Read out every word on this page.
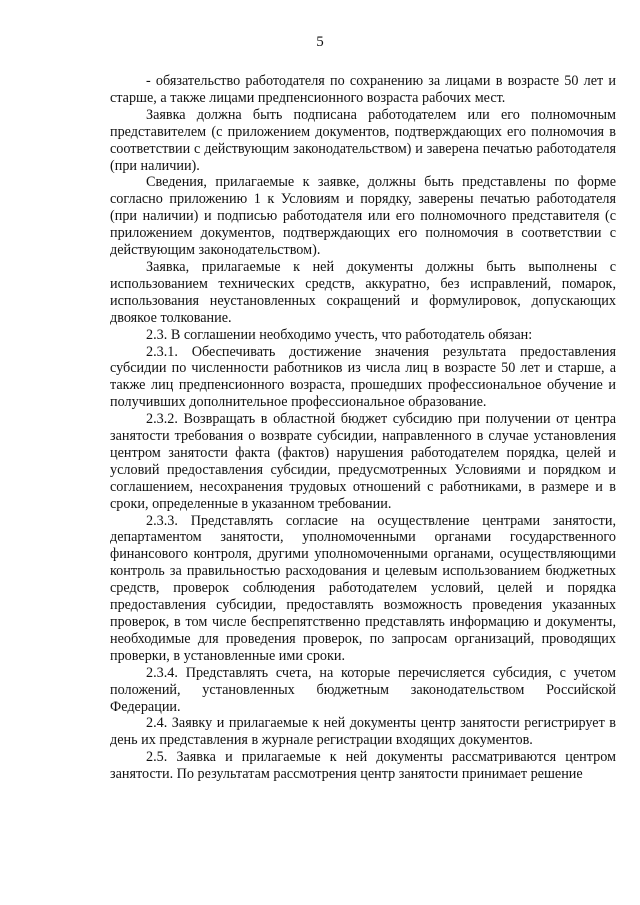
5

- обязательство работодателя по сохранению за лицами в возрасте 50 лет и старше, а также лицами предпенсионного возраста рабочих мест.

Заявка должна быть подписана работодателем или его полномочным представителем (с приложением документов, подтверждающих его полномочия в соответствии с действующим законодательством) и заверена печатью работодателя (при наличии).

Сведения, прилагаемые к заявке, должны быть представлены по форме согласно приложению 1 к Условиям и порядку, заверены печатью работодателя (при наличии) и подписью работодателя или его полномочного представителя (с приложением документов, подтверждающих его полномочия в соответствии с действующим законодательством).

Заявка, прилагаемые к ней документы должны быть выполнены с использованием технических средств, аккуратно, без исправлений, помарок, использования неустановленных сокращений и формулировок, допускающих двоякое толкование.

2.3. В соглашении необходимо учесть, что работодатель обязан:

2.3.1. Обеспечивать достижение значения результата предоставления субсидии по численности работников из числа лиц в возрасте 50 лет и старше, а также лиц предпенсионного возраста, прошедших профессиональное обучение и получивших дополнительное профессиональное образование.

2.3.2. Возвращать в областной бюджет субсидию при получении от центра занятости требования о возврате субсидии, направленного в случае установления центром занятости факта (фактов) нарушения работодателем порядка, целей и условий предоставления субсидии, предусмотренных Условиями и порядком и соглашением, несохранения трудовых отношений с работниками, в размере и в сроки, определенные в указанном требовании.

2.3.3. Представлять согласие на осуществление центрами занятости, департаментом занятости, уполномоченными органами государственного финансового контроля, другими уполномоченными органами, осуществляющими контроль за правильностью расходования и целевым использованием бюджетных средств, проверок соблюдения работодателем условий, целей и порядка предоставления субсидии, предоставлять возможность проведения указанных проверок, в том числе беспрепятственно представлять информацию и документы, необходимые для проведения проверок, по запросам организаций, проводящих проверки, в установленные ими сроки.

2.3.4. Представлять счета, на которые перечисляется субсидия, с учетом положений, установленных бюджетным законодательством Российской Федерации.

2.4. Заявку и прилагаемые к ней документы центр занятости регистрирует в день их представления в журнале регистрации входящих документов.

2.5. Заявка и прилагаемые к ней документы рассматриваются центром занятости. По результатам рассмотрения центр занятости принимает решение
